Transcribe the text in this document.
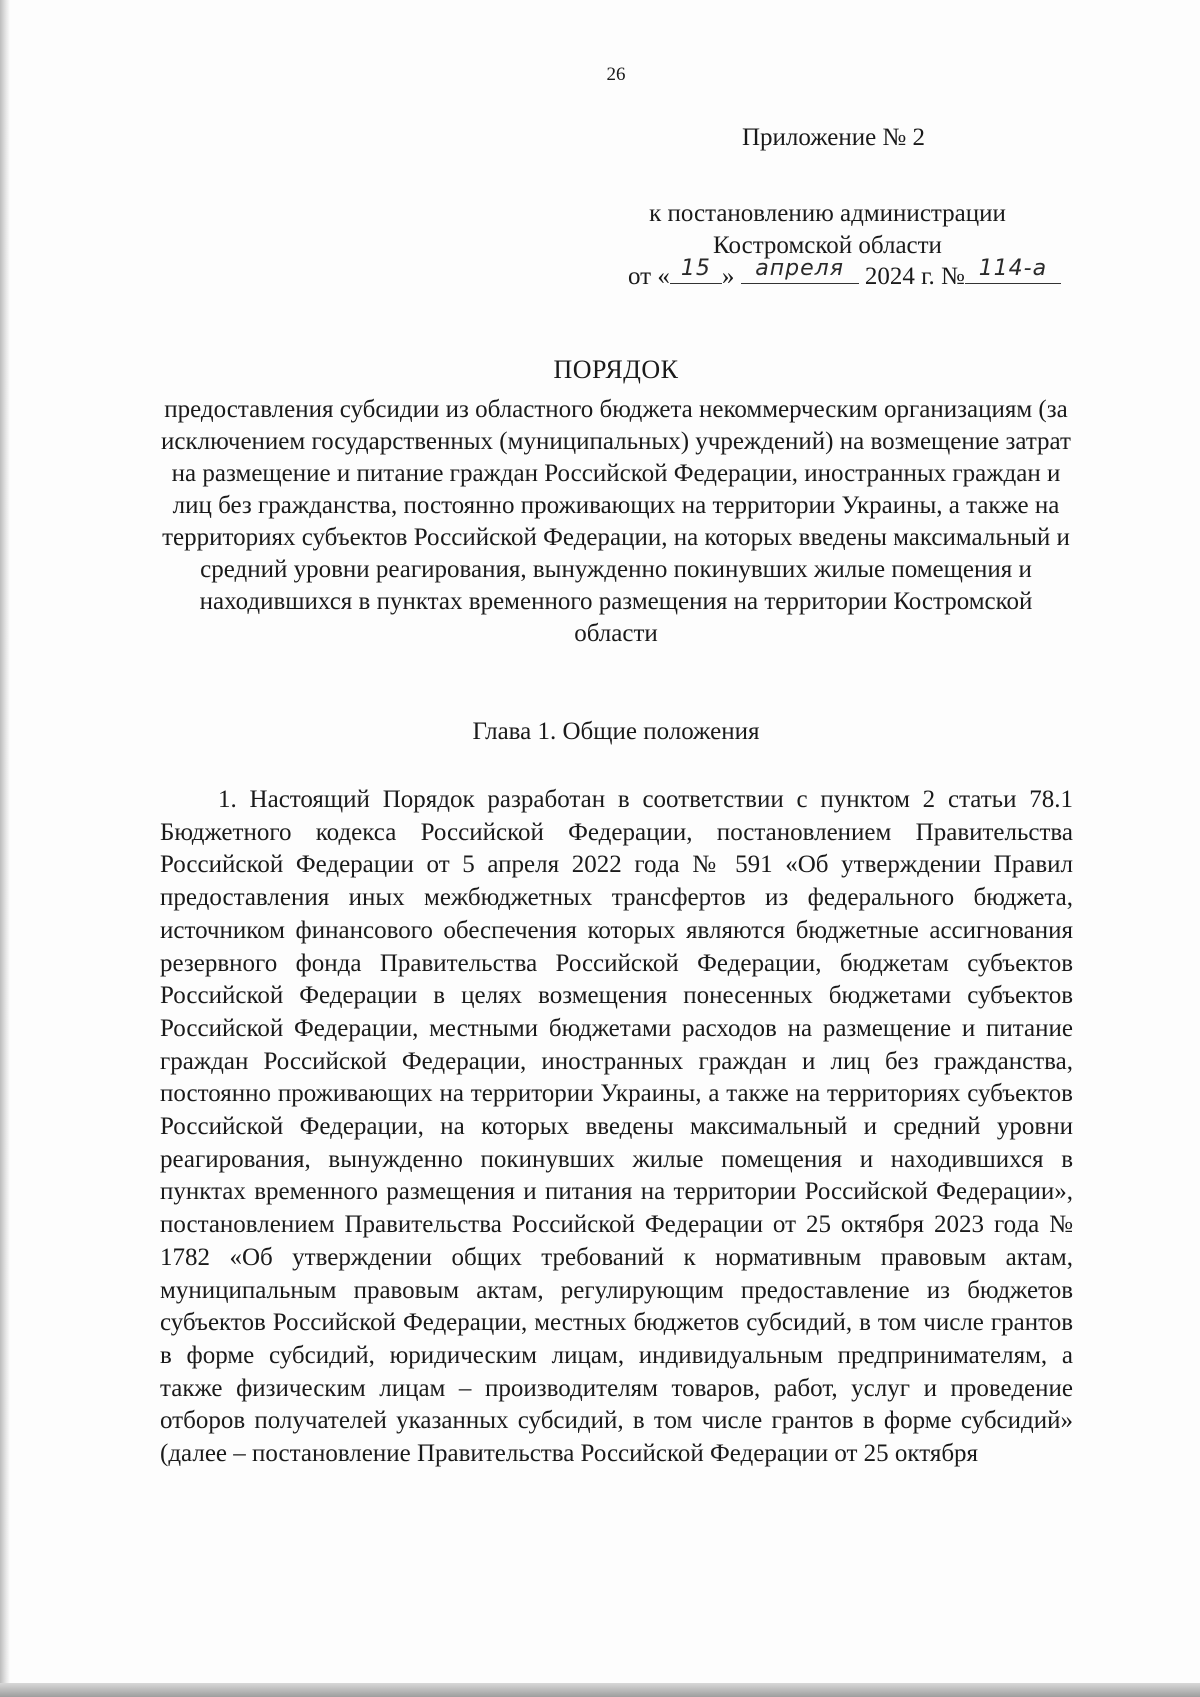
26
Приложение № 2
к постановлению администрации
Костромской области
от « 15 » апреля 2024 г. № 114-а
ПОРЯДОК

предоставления субсидии из областного бюджета некоммерческим организациям (за исключением государственных (муниципальных) учреждений) на возмещение затрат на размещение и питание граждан Российской Федерации, иностранных граждан и лиц без гражданства, постоянно проживающих на территории Украины, а также на территориях субъектов Российской Федерации, на которых введены максимальный и средний уровни реагирования, вынужденно покинувших жилые помещения и находившихся в пунктах временного размещения на территории Костромской области

Глава 1. Общие положения

1. Настоящий Порядок разработан в соответствии с пунктом 2 статьи 78.1 Бюджетного кодекса Российской Федерации, постановлением Правительства Российской Федерации от 5 апреля 2022 года № 591 «Об утверждении Правил предоставления иных межбюджетных трансфертов из федерального бюджета, источником финансового обеспечения которых являются бюджетные ассигнования резервного фонда Правительства Российской Федерации, бюджетам субъектов Российской Федерации в целях возмещения понесенных бюджетами субъектов Российской Федерации, местными бюджетами расходов на размещение и питание граждан Российской Федерации, иностранных граждан и лиц без гражданства, постоянно проживающих на территории Украины, а также на территориях субъектов Российской Федерации, на которых введены максимальный и средний уровни реагирования, вынужденно покинувших жилые помещения и находившихся в пунктах временного размещения и питания на территории Российской Федерации», постановлением Правительства Российской Федерации от 25 октября 2023 года № 1782 «Об утверждении общих требований к нормативным правовым актам, муниципальным правовым актам, регулирующим предоставление из бюджетов субъектов Российской Федерации, местных бюджетов субсидий, в том числе грантов в форме субсидий, юридическим лицам, индивидуальным предпринимателям, а также физическим лицам – производителям товаров, работ, услуг и проведение отборов получателей указанных субсидий, в том числе грантов в форме субсидий» (далее – постановление Правительства Российской Федерации от 25 октября
